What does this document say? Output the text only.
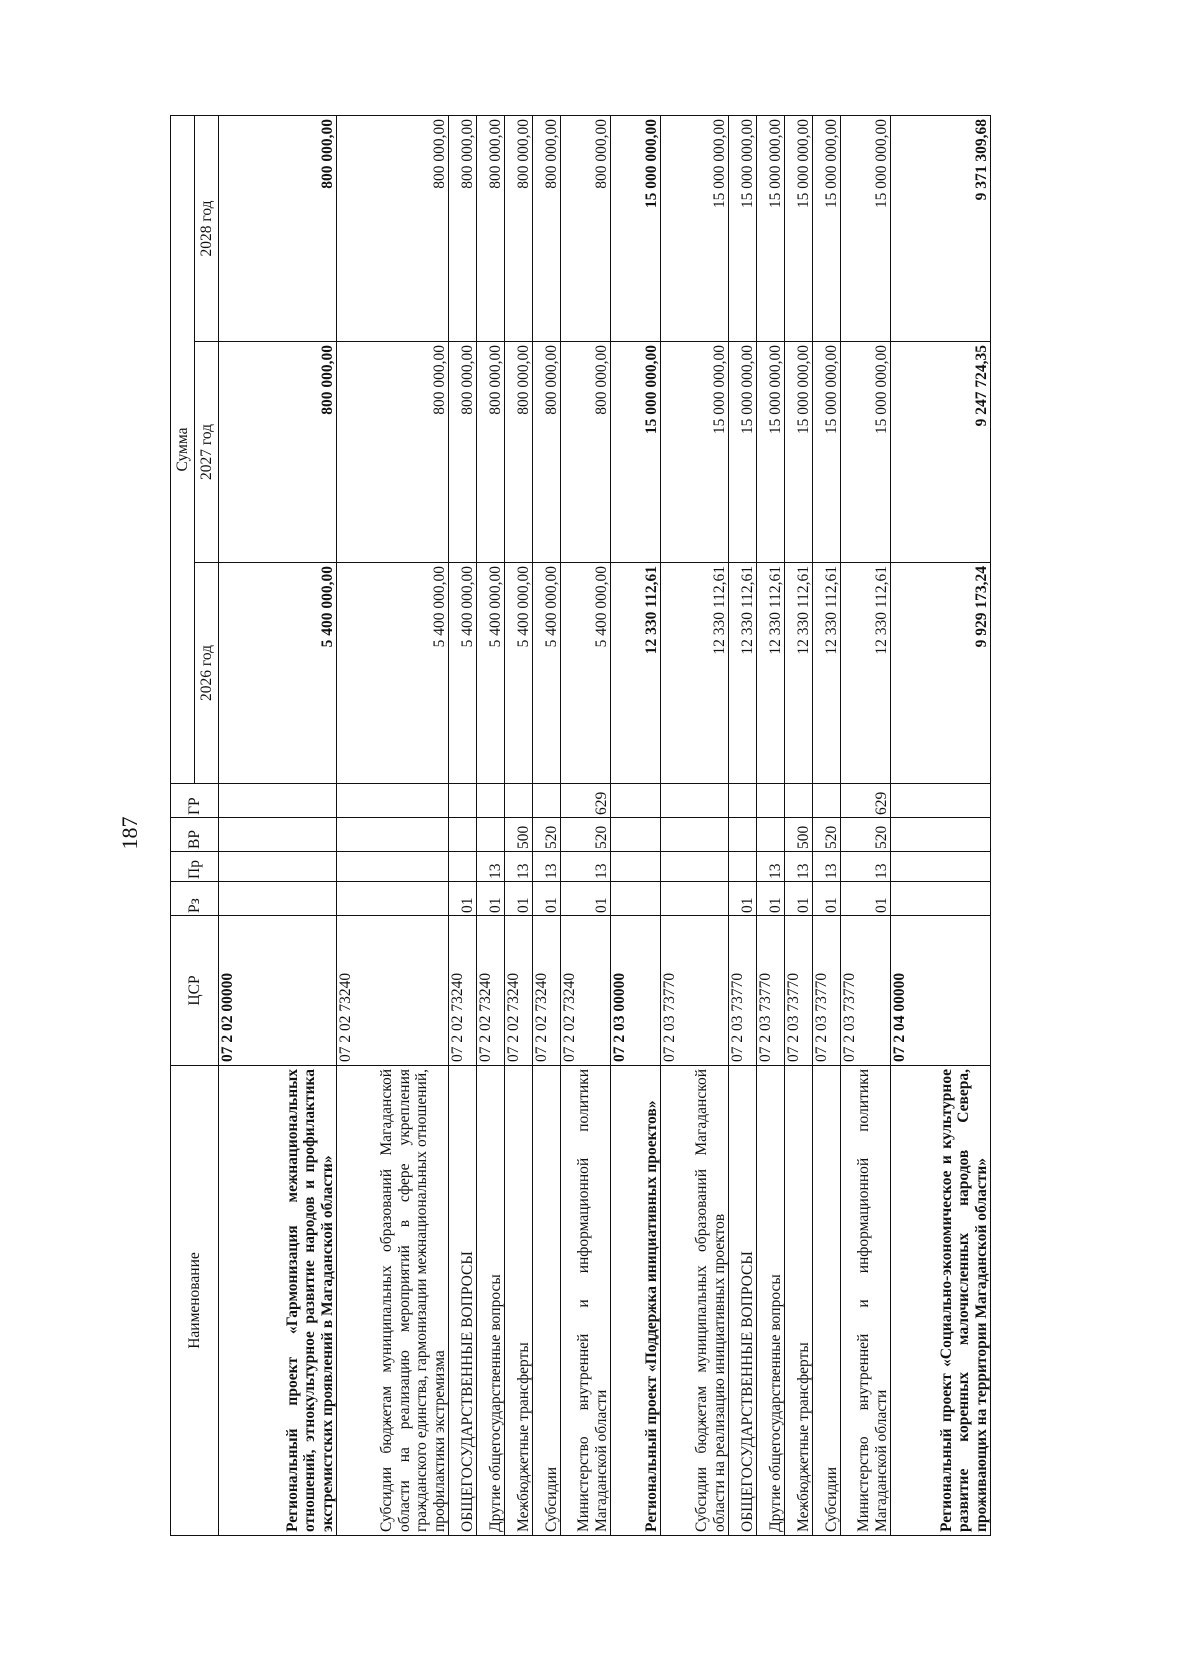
187
Наименование	ЦСР	Рз	Пр	ВР	ГР	Сумма		
						2026 год	2027 год	2028 год
Региональный проект «Гармонизация межнациональных отношений, этнокультурное развитие народов и профилактика экстремистских проявлений в Магаданской области»	07 2 02 00000					5 400 000,00	800 000,00	800 000,00
Субсидии бюджетам муниципальных образований Магаданской области на реализацию мероприятий в сфере укрепления гражданского единства, гармонизации межнациональных отношений, профилактики экстремизма	07 2 02 73240					5 400 000,00	800 000,00	800 000,00
ОБЩЕГОСУДАРСТВЕННЫЕ ВОПРОСЫ	07 2 02 73240	01				5 400 000,00	800 000,00	800 000,00
Другие общегосударственные вопросы	07 2 02 73240	01	13			5 400 000,00	800 000,00	800 000,00
Межбюджетные трансферты	07 2 02 73240	01	13	500		5 400 000,00	800 000,00	800 000,00
Субсидии	07 2 02 73240	01	13	520		5 400 000,00	800 000,00	800 000,00
Министерство внутренней и информационной политики Магаданской области	07 2 02 73240	01	13	520	629	5 400 000,00	800 000,00	800 000,00
Региональный проект «Поддержка инициативных проектов»	07 2 03 00000					12 330 112,61	15 000 000,00	15 000 000,00
Субсидии бюджетам муниципальных образований Магаданской области на реализацию инициативных проектов	07 2 03 73770					12 330 112,61	15 000 000,00	15 000 000,00
ОБЩЕГОСУДАРСТВЕННЫЕ ВОПРОСЫ	07 2 03 73770	01				12 330 112,61	15 000 000,00	15 000 000,00
Другие общегосударственные вопросы	07 2 03 73770	01	13			12 330 112,61	15 000 000,00	15 000 000,00
Межбюджетные трансферты	07 2 03 73770	01	13	500		12 330 112,61	15 000 000,00	15 000 000,00
Субсидии	07 2 03 73770	01	13	520		12 330 112,61	15 000 000,00	15 000 000,00
Министерство внутренней и информационной политики Магаданской области	07 2 03 73770	01	13	520	629	12 330 112,61	15 000 000,00	15 000 000,00
Региональный проект «Социально-экономическое и культурное развитие коренных малочисленных народов Севера, проживающих на территории Магаданской области»	07 2 04 00000					9 929 173,24	9 247 724,35	9 371 309,68
